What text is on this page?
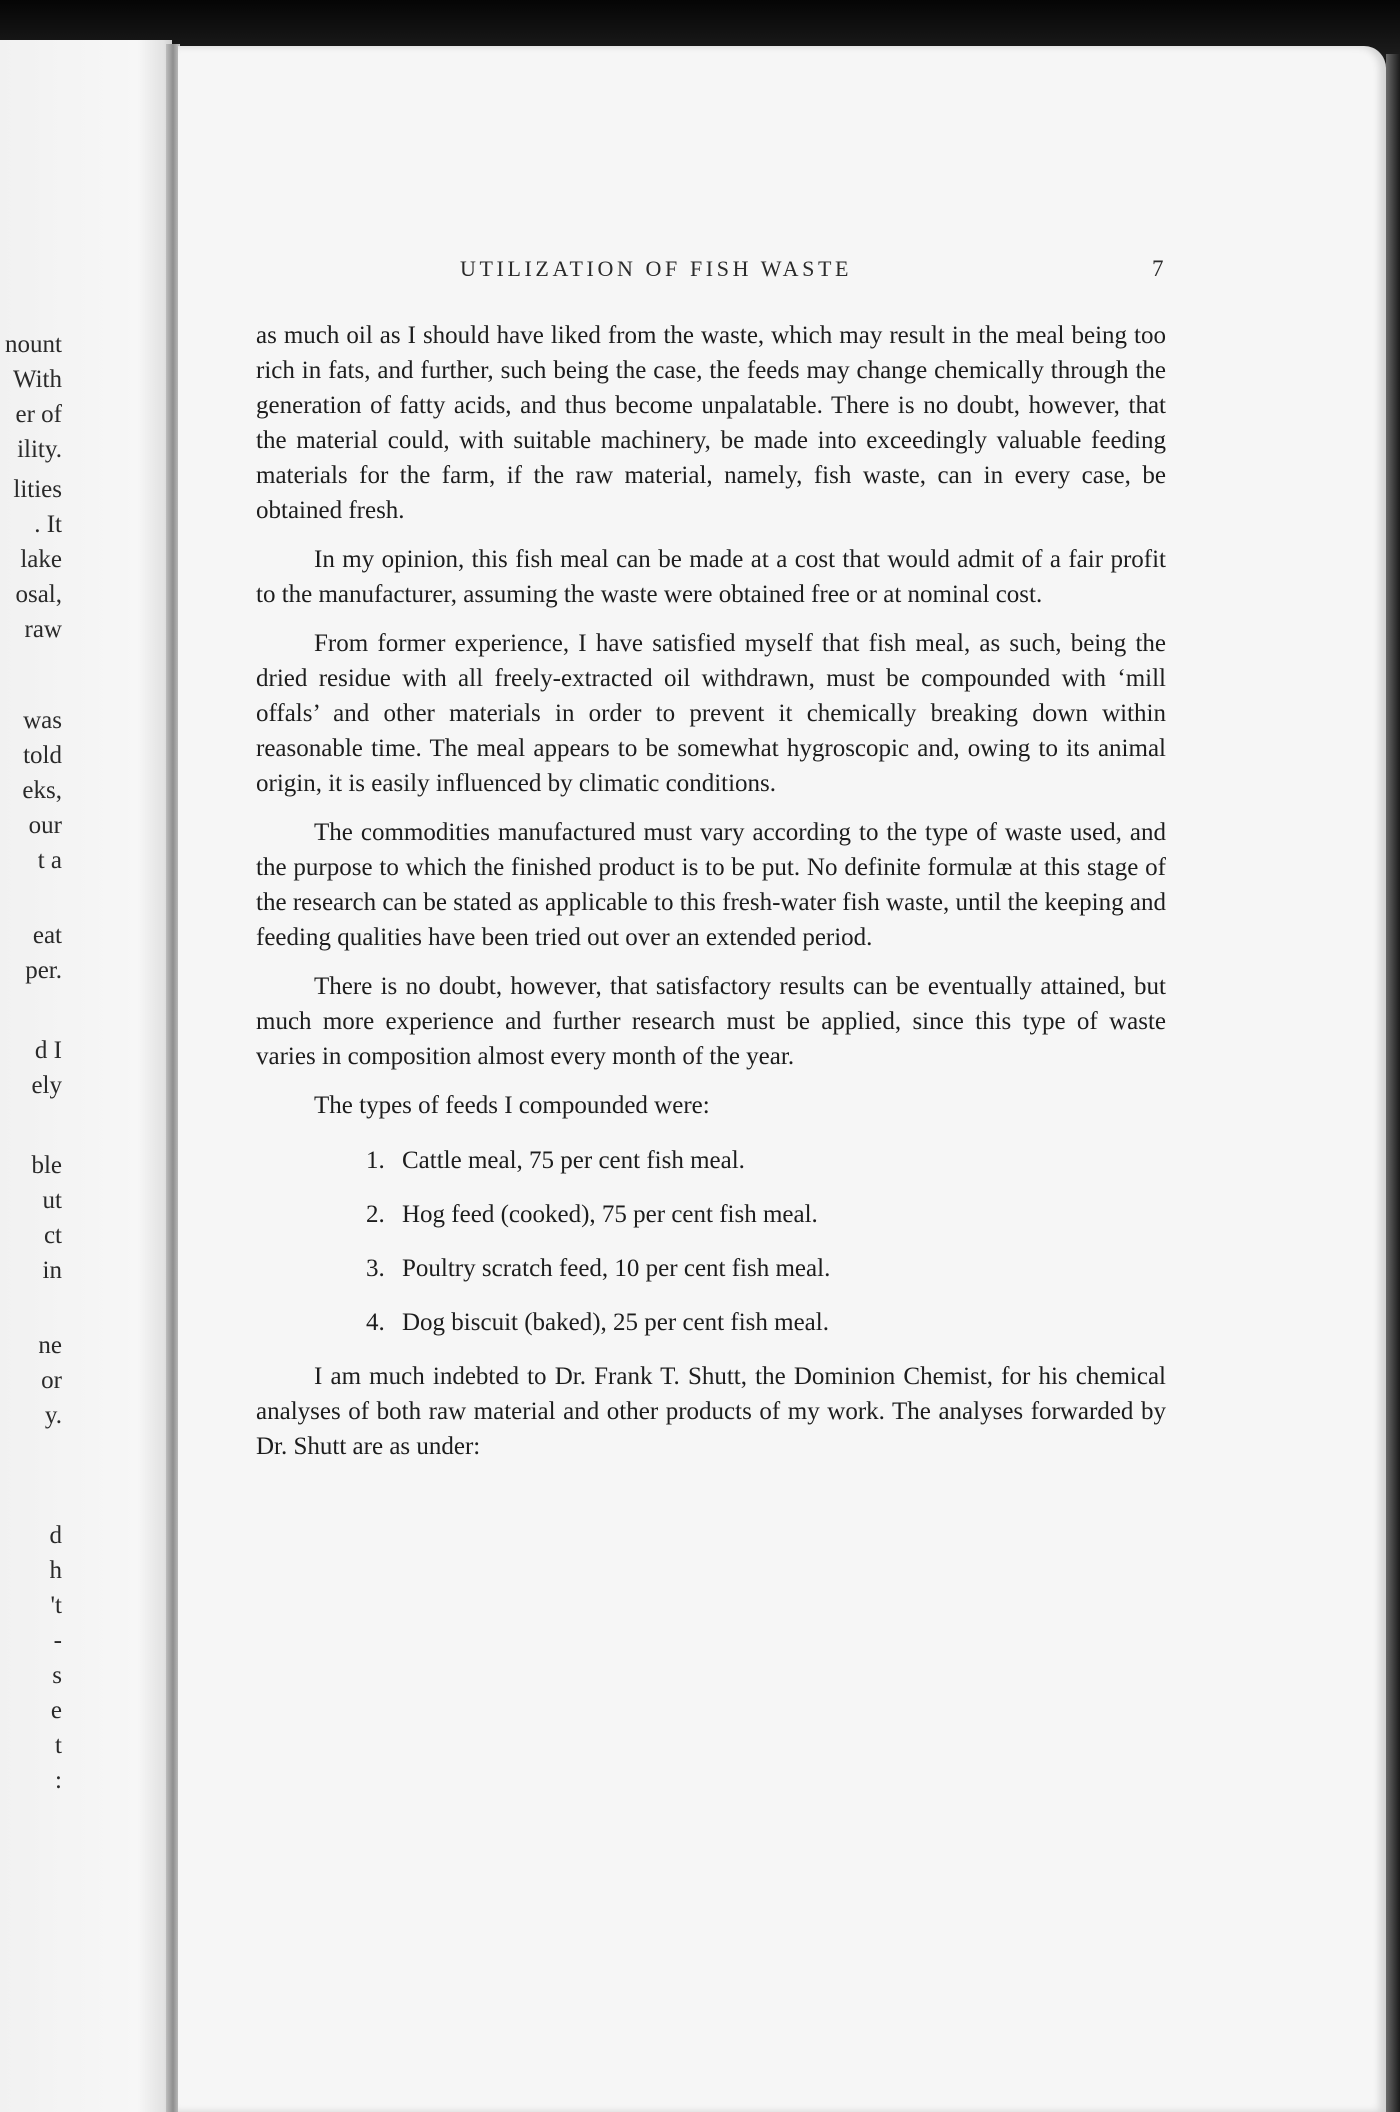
nount
With
er of
ility.
lities
. It
lake
osal,
raw
was
told
eks,
our
t a
eat
per.
d I
ely
ble
ut
ct
in
ne
or
y.
d
h
't
-
s
e
t
:
UTILIZATION OF FISH WASTE	7

as much oil as I should have liked from the waste, which may result in the meal being too rich in fats, and further, such being the case, the feeds may change chemically through the generation of fatty acids, and thus become unpalatable. There is no doubt, however, that the material could, with suitable machinery, be made into exceedingly valuable feeding materials for the farm, if the raw material, namely, fish waste, can in every case, be obtained fresh.

In my opinion, this fish meal can be made at a cost that would admit of a fair profit to the manufacturer, assuming the waste were obtained free or at nominal cost.

From former experience, I have satisfied myself that fish meal, as such, being the dried residue with all freely-extracted oil withdrawn, must be compounded with ‘mill offals’ and other materials in order to prevent it chemically breaking down within reasonable time. The meal appears to be somewhat hygroscopic and, owing to its animal origin, it is easily influenced by climatic conditions.

The commodities manufactured must vary according to the type of waste used, and the purpose to which the finished product is to be put. No definite formulæ at this stage of the research can be stated as applicable to this fresh-water fish waste, until the keeping and feeding qualities have been tried out over an extended period.

There is no doubt, however, that satisfactory results can be eventually attained, but much more experience and further research must be applied, since this type of waste varies in composition almost every month of the year.

The types of feeds I compounded were:

1. Cattle meal, 75 per cent fish meal.
2. Hog feed (cooked), 75 per cent fish meal.
3. Poultry scratch feed, 10 per cent fish meal.
4. Dog biscuit (baked), 25 per cent fish meal.

I am much indebted to Dr. Frank T. Shutt, the Dominion Chemist, for his chemical analyses of both raw material and other products of my work. The analyses forwarded by Dr. Shutt are as under:
